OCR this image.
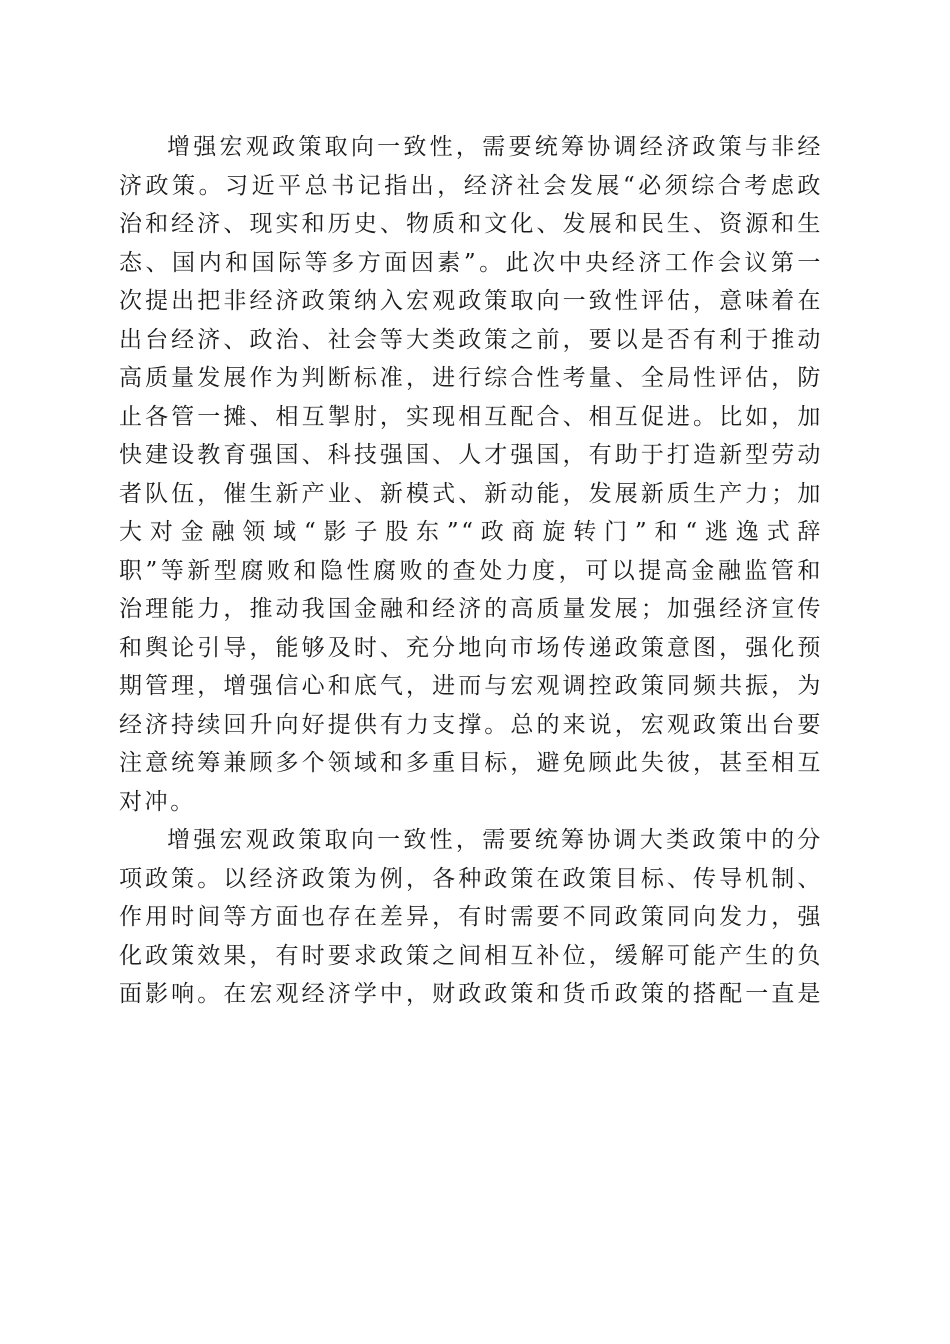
增强宏观政策取向一致性，需要统筹协调经济政策与非经
济政策。习近平总书记指出，经济社会发展“必须综合考虑政
治和经济、现实和历史、物质和文化、发展和民生、资源和生
态、国内和国际等多方面因素”。此次中央经济工作会议第一
次提出把非经济政策纳入宏观政策取向一致性评估，意味着在
出台经济、政治、社会等大类政策之前，要以是否有利于推动
高质量发展作为判断标准，进行综合性考量、全局性评估，防
止各管一摊、相互掣肘，实现相互配合、相互促进。比如，加
快建设教育强国、科技强国、人才强国，有助于打造新型劳动
者队伍，催生新产业、新模式、新动能，发展新质生产力；加
大对金融领域“影子股东”“政商旋转门”和“逃逸式辞
职”等新型腐败和隐性腐败的查处力度，可以提高金融监管和
治理能力，推动我国金融和经济的高质量发展；加强经济宣传
和舆论引导，能够及时、充分地向市场传递政策意图，强化预
期管理，增强信心和底气，进而与宏观调控政策同频共振，为
经济持续回升向好提供有力支撑。总的来说，宏观政策出台要
注意统筹兼顾多个领域和多重目标，避免顾此失彼，甚至相互
对冲。

增强宏观政策取向一致性，需要统筹协调大类政策中的分
项政策。以经济政策为例，各种政策在政策目标、传导机制、
作用时间等方面也存在差异，有时需要不同政策同向发力，强
化政策效果，有时要求政策之间相互补位，缓解可能产生的负
面影响。在宏观经济学中，财政政策和货币政策的搭配一直是
